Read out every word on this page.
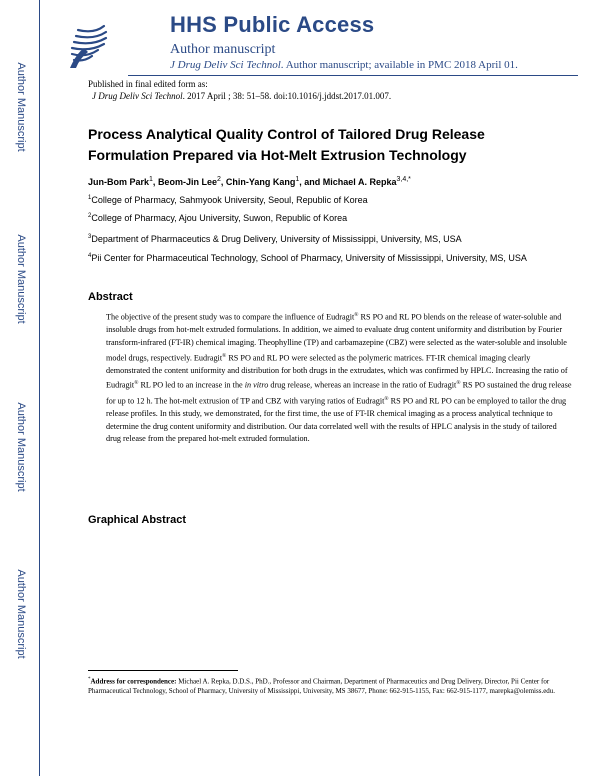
Author Manuscript
Author Manuscript
Author Manuscript
Author Manuscript
HHS Public Access
Author manuscript
J Drug Deliv Sci Technol. Author manuscript; available in PMC 2018 April 01.
Published in final edited form as:
J Drug Deliv Sci Technol. 2017 April ; 38: 51–58. doi:10.1016/j.jddst.2017.01.007.
Process Analytical Quality Control of Tailored Drug Release Formulation Prepared via Hot-Melt Extrusion Technology
Jun-Bom Park$^1$, Beom-Jin Lee$^2$, Chin-Yang Kang$^1$, and Michael A. Repka$^{3,4,*}$
$^1$College of Pharmacy, Sahmyook University, Seoul, Republic of Korea
$^2$College of Pharmacy, Ajou University, Suwon, Republic of Korea
$^3$Department of Pharmaceutics & Drug Delivery, University of Mississippi, University, MS, USA
$^4$Pii Center for Pharmaceutical Technology, School of Pharmacy, University of Mississippi, University, MS, USA
Abstract

The objective of the present study was to compare the influence of Eudragit® RS PO and RL PO blends on the release of water-soluble and insoluble drugs from hot-melt extruded formulations. In addition, we aimed to evaluate drug content uniformity and distribution by Fourier transform-infrared (FT-IR) chemical imaging. Theophylline (TP) and carbamazepine (CBZ) were selected as the water-soluble and insoluble model drugs, respectively. Eudragit® RS PO and RL PO were selected as the polymeric matrices. FT-IR chemical imaging clearly demonstrated the content uniformity and distribution for both drugs in the extrudates, which was confirmed by HPLC. Increasing the ratio of Eudragit® RL PO led to an increase in the in vitro drug release, whereas an increase in the ratio of Eudragit® RS PO sustained the drug release for up to 12 h. The hot-melt extrusion of TP and CBZ with varying ratios of Eudragit® RS PO and RL PO can be employed to tailor the drug release profiles. In this study, we demonstrated, for the first time, the use of FT-IR chemical imaging as a process analytical technique to determine the drug content uniformity and distribution. Our data correlated well with the results of HPLC analysis in the study of tailored drug release from the prepared hot-melt extruded formulation.

Graphical Abstract
*Address for correspondence: Michael A. Repka, D.D.S., PhD., Professor and Chairman, Department of Pharmaceutics and Drug Delivery, Director, Pii Center for Pharmaceutical Technology, School of Pharmacy, University of Mississippi, University, MS 38677, Phone: 662-915-1155, Fax: 662-915-1177, marepka@olemiss.edu.
